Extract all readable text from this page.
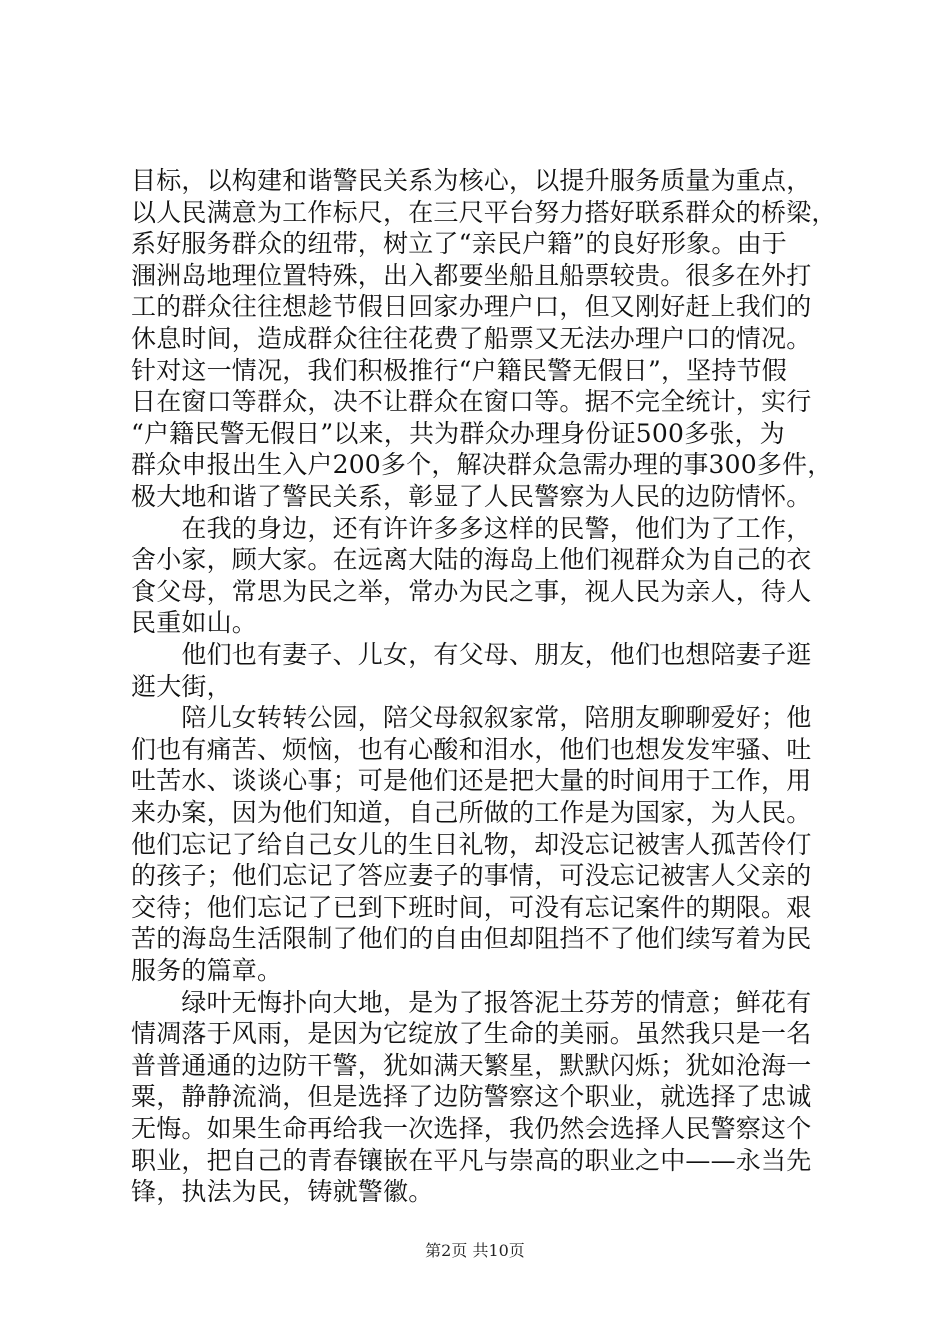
目标，以构建和谐警民关系为核心，以提升服务质量为重点，
以人民满意为工作标尺，在三尺平台努力搭好联系群众的桥梁，
系好服务群众的纽带，树立了“亲民户籍”的良好形象。由于
涠洲岛地理位置特殊，出入都要坐船且船票较贵。很多在外打
工的群众往往想趁节假日回家办理户口，但又刚好赶上我们的
休息时间，造成群众往往花费了船票又无法办理户口的情况。
针对这一情况，我们积极推行“户籍民警无假日”，坚持节假
日在窗口等群众，决不让群众在窗口等。据不完全统计，实行
“户籍民警无假日”以来，共为群众办理身份证500多张，为
群众申报出生入户200多个，解决群众急需办理的事300多件，
极大地和谐了警民关系，彰显了人民警察为人民的边防情怀。
　　在我的身边，还有许许多多这样的民警，他们为了工作，
舍小家，顾大家。在远离大陆的海岛上他们视群众为自己的衣
食父母，常思为民之举，常办为民之事，视人民为亲人，待人
民重如山。
　　他们也有妻子、儿女，有父母、朋友，他们也想陪妻子逛
逛大街，
　　陪儿女转转公园，陪父母叙叙家常，陪朋友聊聊爱好；他
们也有痛苦、烦恼，也有心酸和泪水，他们也想发发牢骚、吐
吐苦水、谈谈心事；可是他们还是把大量的时间用于工作，用
来办案，因为他们知道，自己所做的工作是为国家，为人民。
他们忘记了给自己女儿的生日礼物，却没忘记被害人孤苦伶仃
的孩子；他们忘记了答应妻子的事情，可没忘记被害人父亲的
交待；他们忘记了已到下班时间，可没有忘记案件的期限。艰
苦的海岛生活限制了他们的自由但却阻挡不了他们续写着为民
服务的篇章。
　　绿叶无悔扑向大地，是为了报答泥土芬芳的情意；鲜花有
情凋落于风雨，是因为它绽放了生命的美丽。虽然我只是一名
普普通通的边防干警，犹如满天繁星，默默闪烁；犹如沧海一
粟，静静流淌，但是选择了边防警察这个职业，就选择了忠诚
无悔。如果生命再给我一次选择，我仍然会选择人民警察这个
职业，把自己的青春镶嵌在平凡与崇高的职业之中——永当先
锋，执法为民，铸就警徽。
第2页 共10页
